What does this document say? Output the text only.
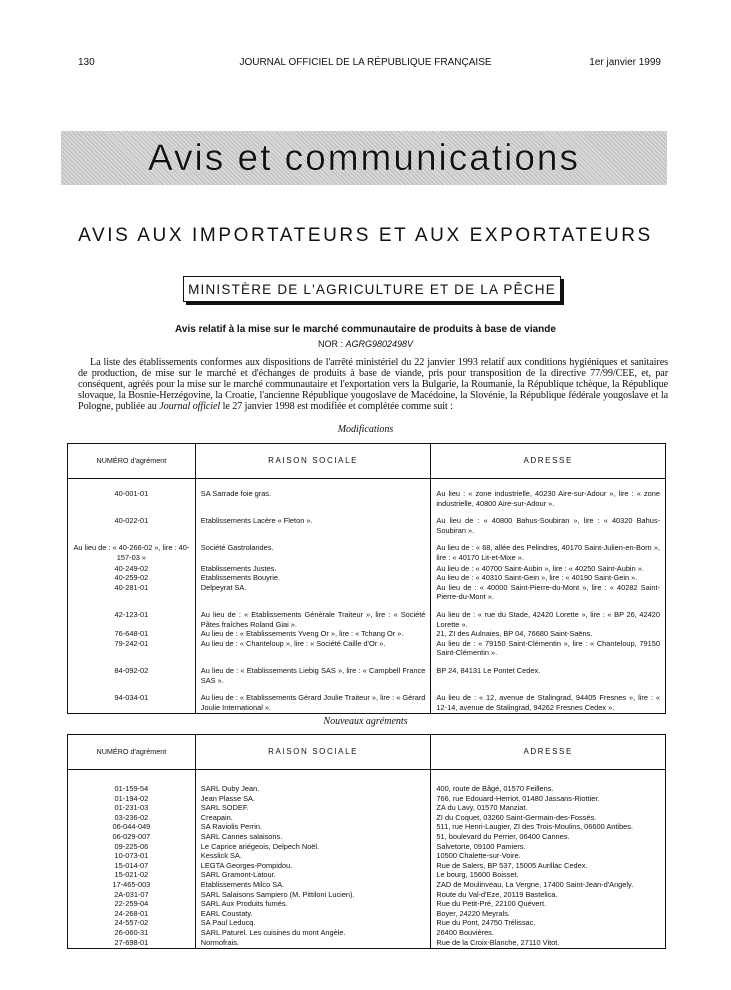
130	JOURNAL OFFICIEL DE LA RÉPUBLIQUE FRANÇAISE	1er janvier 1999
Avis et communications
AVIS AUX IMPORTATEURS ET AUX EXPORTATEURS
MINISTÈRE DE L'AGRICULTURE ET DE LA PÊCHE
Avis relatif à la mise sur le marché communautaire de produits à base de viande
NOR : AGRG9802498V
La liste des établissements conformes aux dispositions de l'arrêté ministériel du 22 janvier 1993 relatif aux conditions hygiéniques et sanitaires de production, de mise sur le marché et d'échanges de produits à base de viande, pris pour transposition de la directive 77/99/CEE, et, par conséquent, agréés pour la mise sur le marché communautaire et l'exportation vers la Bulgarie, la Roumanie, la République tchèque, la République slovaque, la Bosnie-Herzégovine, la Croatie, l'ancienne République yougoslave de Macédoine, la Slovénie, la République fédérale yougoslave et la Pologne, publiée au Journal officiel le 27 janvier 1998 est modifiée et complétée comme suit :
Modifications
NUMÉRO d'agrément	RAISON SOCIALE	ADRESSE
40-001-01	SA Sarrade foie gras.	Au lieu : « zone industrielle, 40230 Aire-sur-Adour », lire : « zone industrielle, 40800 Aire-sur-Adour ».
40-022-01	Etablissements Lacère « Fleton ».	Au lieu de : « 40800 Bahus-Soubiran », lire : « 40320 Bahus-Soubiran ».
Au lieu de : « 40-266-02 », lire : 40-157-03 »	Société Gastrolandes.	Au lieu de : « 68, allée des Pelindres, 40170 Saint-Julien-en-Born », lire : « 40170 Lit-et-Mixe ».
40-249-02	Etablissements Justes.	Au lieu de : « 40700 Saint-Aubin », lire : « 40250 Saint-Aubin ».
40-259-02	Etablissements Bouyrie.	Au lieu de : « 40310 Saint-Gein », lire : « 40190 Saint-Gein ».
40-281-01	Delpeyrat SA.	Au lieu de : « 40000 Saint-Pierre-du-Mont », lire : « 40282 Saint-Pierre-du-Mont ».
42-123-01	Au lieu de : « Etablissements Générale Traiteur », lire : « Société Pâtes fraîches Roland Giai ».	Au lieu de : « rue du Stade, 42420 Lorette », lire : « BP 26, 42420 Lorette ».
76-648-01	Au lieu de : « Etablissements Yveng Or », lire : « Tchang Or ».	21, ZI des Aulnaies, BP 04, 76680 Saint-Saëns.
79-242-01	Au lieu de : « Chanteloup », lire : « Société Caille d'Or ».	Au lieu de : « 79150 Saint-Clémentin », lire : « Chanteloup, 79150 Saint-Clémentin ».
84-092-02	Au lieu de : « Etablissements Liebig SAS », lire : « Campbell France SAS ».	BP 24, 84131 Le Pontet Cedex.
94-034-01	Au lieu de : « Etablissements Gérard Joulie Traiteur », lire : « Gérard Joulie International ».	Au lieu de : « 12, avenue de Stalingrad, 94405 Fresnes », lire : « 12-14, avenue de Stalingrad, 94262 Fresnes Cedex ».
Nouveaux agréments
NUMÉRO d'agrément	RAISON SOCIALE	ADRESSE
01-159-54	SARL Duby Jean.	400, route de Bâgé, 01570 Feillens.
01-194-02	Jean Plasse SA.	766, rue Edouard-Herriot, 01480 Jassans-Riottier.
01-231-03	SARL SODEF.	ZA du Lavy, 01570 Manziat.
03-236-02	Creapain.	ZI du Coquet, 03260 Saint-Germain-des-Fossés.
06-044-049	SA Raviolis Perrin.	511, rue Henri-Laugier, ZI des Trois-Moulins, 06600 Antibes.
06-029-007	SARL Cannes salaisons.	51, boulevard du Perrier, 06400 Cannes.
09-225-06	Le Caprice ariégeois, Delpech Noël.	Salvetorte, 09100 Pamiers.
10-073-01	Kesslick SA.	10500 Chalette-sur-Voire.
15-014-07	LEGTA Georges-Pompidou.	Rue de Salers, BP 537, 15005 Aurillac Cedex.
15-021-02	SARL Gramont-Latour.	Le bourg, 15600 Boisset.
17-465-003	Etablissements Milco SA.	ZAD de Moulinveau, La Vergne, 17400 Saint-Jean-d'Angely.
2A-031-07	SARL Salaisons Sampiero (M. Pittiloni Lucien).	Route du Val-d'Eze, 20119 Bastelica.
22-259-04	SARL Aux Produits fumés.	Rue du Petit-Pré, 22100 Quévert.
24-268-01	EARL Coustaty.	Boyer, 24220 Meyrals.
24-557-02	SA Paul Leducq.	Rue du Pont, 24750 Trélissac.
26-060-31	SARL Paturel. Les cuisines du mont Angèle.	26400 Bouvières.
27-698-01	Normofrais.	Rue de la Croix-Blanche, 27110 Vitot.
